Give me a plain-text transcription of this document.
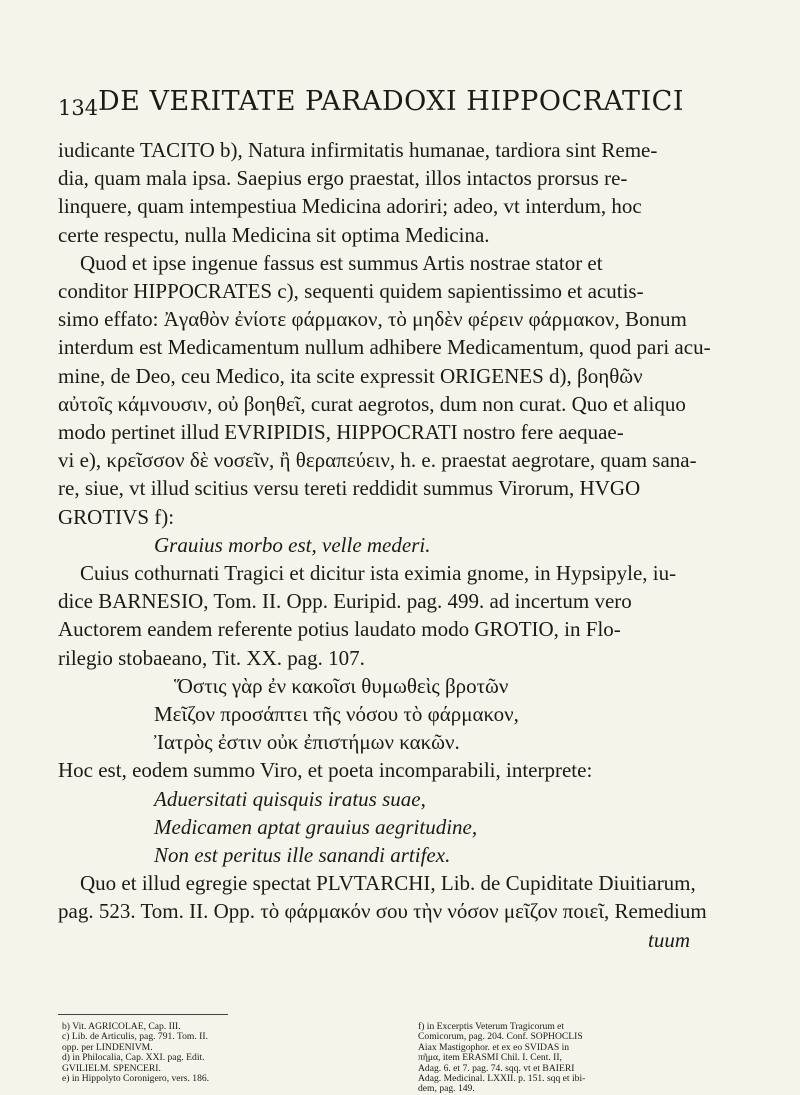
134 DE VERITATE PARADOXI HIPPOCRATICI

iudicante TACITO b), Natura infirmitatis humanae, tardiora sint Reme-

dia, quam mala ipsa. Saepius ergo praestat, illos intactos prorsus re-

linquere, quam intempestiua Medicina adoriri; adeo, vt interdum, hoc

certe respectu, nulla Medicina sit optima Medicina.

Quod et ipse ingenue fassus est summus Artis nostrae stator et

conditor HIPPOCRATES c), sequenti quidem sapientissimo et acutis-

simo effato: Ἀγαθὸν ἐνίοτε φάρμακον, τὸ μηδὲν φέρειν φάρμακον, Bonum

interdum est Medicamentum nullum adhibere Medicamentum, quod pari acu-

mine, de Deo, ceu Medico, ita scite expressit ORIGENES d), βοηθῶν

αὐτοῖς κάμνουσιν, οὐ βοηθεῖ, curat aegrotos, dum non curat. Quo et aliquo

modo pertinet illud EVRIPIDIS, HIPPOCRATI nostro fere aequae-

vi e), κρεῖσσον δὲ νοσεῖν, ἢ θεραπεύειν, h. e. praestat aegrotare, quam sana-

re, siue, vt illud scitius versu tereti reddidit summus Virorum, HVGO

GROTIVS f):

Grauius morbo est, velle mederi.

Cuius cothurnati Tragici et dicitur ista eximia gnome, in Hypsipyle, iu-

dice BARNESIO, Tom. II. Opp. Euripid. pag. 499. ad incertum vero

Auctorem eandem referente potius laudato modo GROTIO, in Flo-

rilegio stobaeano, Tit. XX. pag. 107.

Ὅστις γὰρ ἐν κακοῖσι θυμωθεὶς βροτῶν

Μεῖζον προσάπτει τῆς νόσου τὸ φάρμακον,

Ἰατρὸς ἐστιν οὐκ ἐπιστήμων κακῶν.

Hoc est, eodem summo Viro, et poeta incomparabili, interprete:

Aduersitati quisquis iratus suae,

Medicamen aptat grauius aegritudine,

Non est peritus ille sanandi artifex.

Quo et illud egregie spectat PLVTARCHI, Lib. de Cupiditate Diuitiarum,

pag. 523. Tom. II. Opp. τὸ φάρμακόν σου τὴν νόσον μεῖζον ποιεῖ, Remedium

tuum

b) Vit. AGRICOLAE, Cap. III.

c) Lib. de Articulis, pag. 791. Tom. II.

opp. per LINDENIVM.

d) in Philocalia, Cap. XXI. pag. Edit.

GVILIELM. SPENCERI.

e) in Hippolyto Coronigero, vers. 186.

f) in Excerptis Veterum Tragicorum et

Comicorum, pag. 204. Conf. SOPHOCLIS

Aiax Mastigophor. et ex eo SVIDAS in

πῆμα, item ERASMI Chil. I. Cent. II,

Adag. 6. et 7. pag. 74. sqq. vt et BAIERI

Adag. Medicinal. LXXII. p. 151. sqq et ibi-

dem, pag. 149.
